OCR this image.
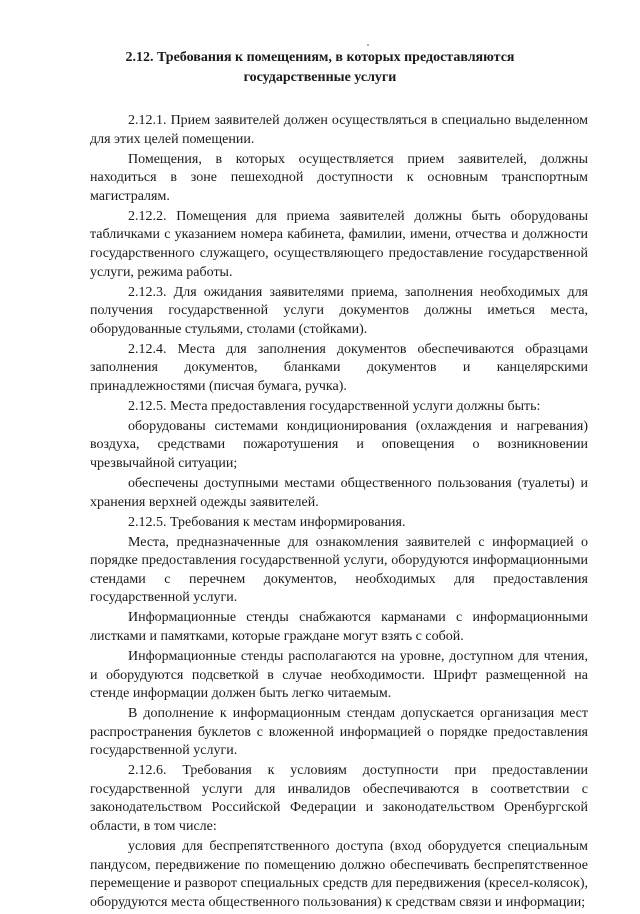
2.12. Требования к помещениям, в которых предоставляются
государственные услуги

2.12.1. Прием заявителей должен осуществляться в специально выделенном для этих целей помещении.

Помещения, в которых осуществляется прием заявителей, должны находиться в зоне пешеходной доступности к основным транспортным магистралям.

2.12.2. Помещения для приема заявителей должны быть оборудованы табличками с указанием номера кабинета, фамилии, имени, отчества и должности государственного служащего, осуществляющего предоставление государственной услуги, режима работы.

2.12.3. Для ожидания заявителями приема, заполнения необходимых для получения государственной услуги документов должны иметься места, оборудованные стульями, столами (стойками).

2.12.4. Места для заполнения документов обеспечиваются образцами заполнения документов, бланками документов и канцелярскими принадлежностями (писчая бумага, ручка).

2.12.5. Места предоставления государственной услуги должны быть:

оборудованы системами кондиционирования (охлаждения и нагревания) воздуха, средствами пожаротушения и оповещения о возникновении чрезвычайной ситуации;

обеспечены доступными местами общественного пользования (туалеты) и хранения верхней одежды заявителей.

2.12.5. Требования к местам информирования.

Места, предназначенные для ознакомления заявителей с информацией о порядке предоставления государственной услуги, оборудуются информационными стендами с перечнем документов, необходимых для предоставления государственной услуги.

Информационные стенды снабжаются карманами с информационными листками и памятками, которые граждане могут взять с собой.

Информационные стенды располагаются на уровне, доступном для чтения, и оборудуются подсветкой в случае необходимости. Шрифт размещенной на стенде информации должен быть легко читаемым.

В дополнение к информационным стендам допускается организация мест распространения буклетов с вложенной информацией о порядке предоставления государственной услуги.

2.12.6. Требования к условиям доступности при предоставлении государственной услуги для инвалидов обеспечиваются в соответствии с законодательством Российской Федерации и законодательством Оренбургской области, в том числе:

условия для беспрепятственного доступа (вход оборудуется специальным пандусом, передвижение по помещению должно обеспечивать беспрепятственное перемещение и разворот специальных средств для передвижения (кресел-колясок), оборудуются места общественного пользования) к средствам связи и информации;
